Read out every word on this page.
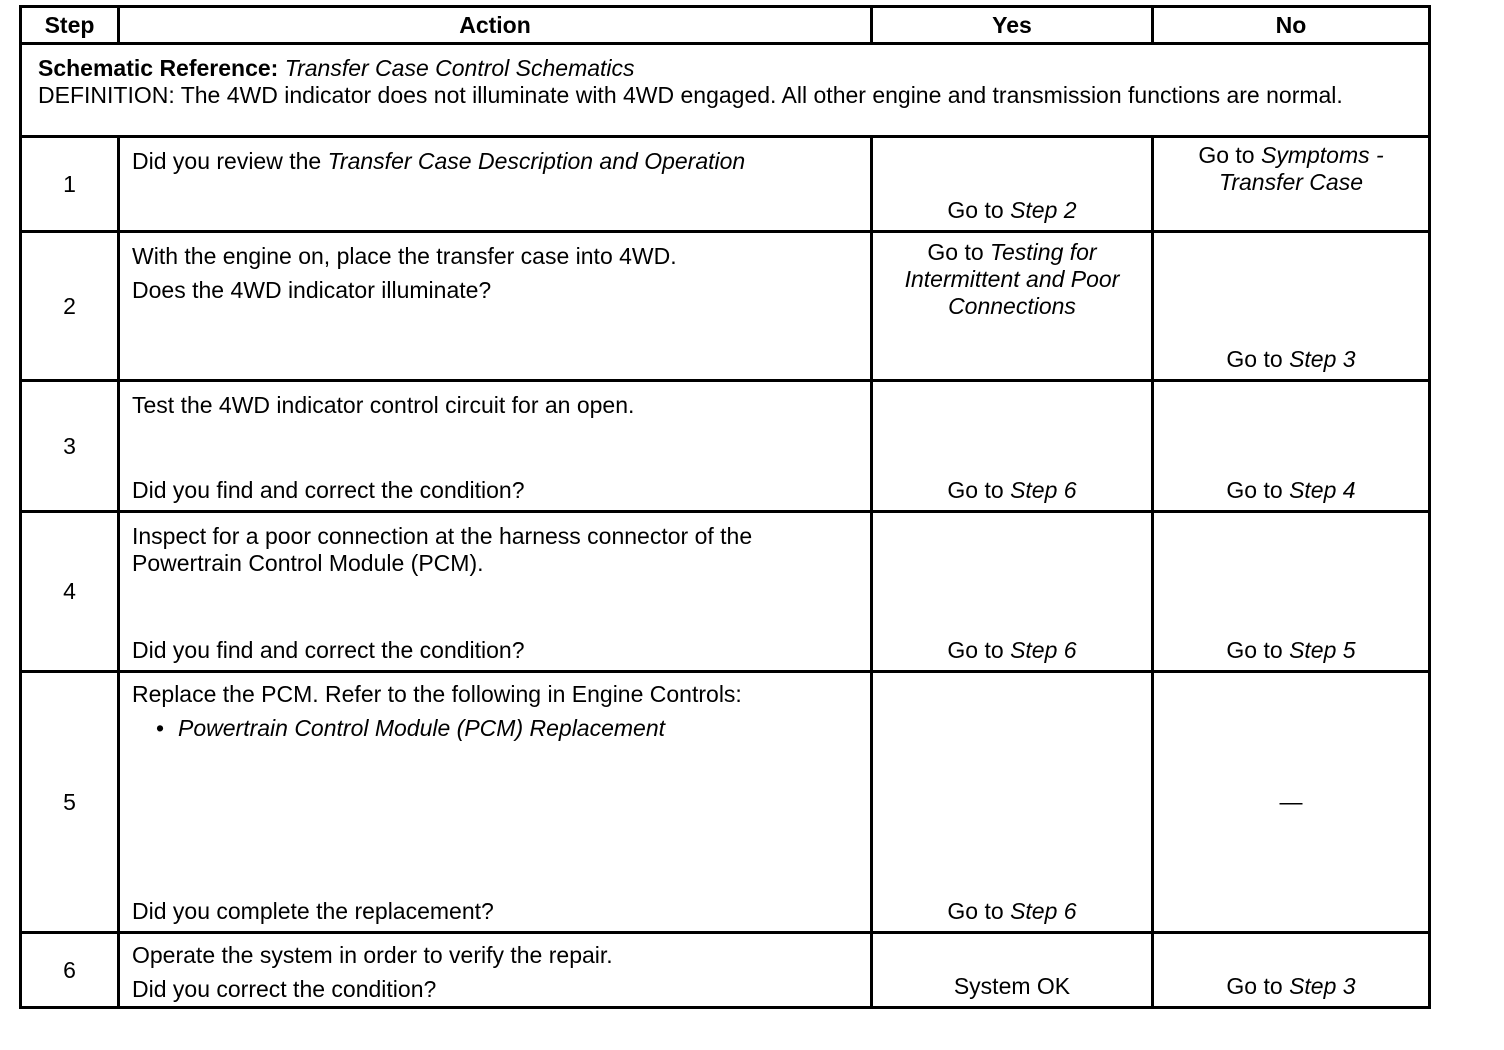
Step	Action	Yes	No

Schematic Reference: Transfer Case Control Schematics
DEFINITION: The 4WD indicator does not illuminate with 4WD engaged. All other engine and transmission functions are normal.			

1	Did you review the Transfer Case Description and Operation	Go to Step 2	Go to Symptoms -
Transfer Case

2	With the engine on, place the transfer case into 4WD.
Does the 4WD indicator illuminate?	Go to Testing for
Intermittent and Poor
Connections	Go to Step 3

3	Test the 4WD indicator control circuit for an open.
Did you find and correct the condition?	Go to Step 6	Go to Step 4

4	Inspect for a poor connection at the harness connector of the
Powertrain Control Module (PCM).
Did you find and correct the condition?	Go to Step 6	Go to Step 5

5	Replace the PCM. Refer to the following in Engine Controls:
• Powertrain Control Module (PCM) Replacement
Did you complete the replacement?	Go to Step 6	—

6	Operate the system in order to verify the repair.
Did you correct the condition?	System OK	Go to Step 3
